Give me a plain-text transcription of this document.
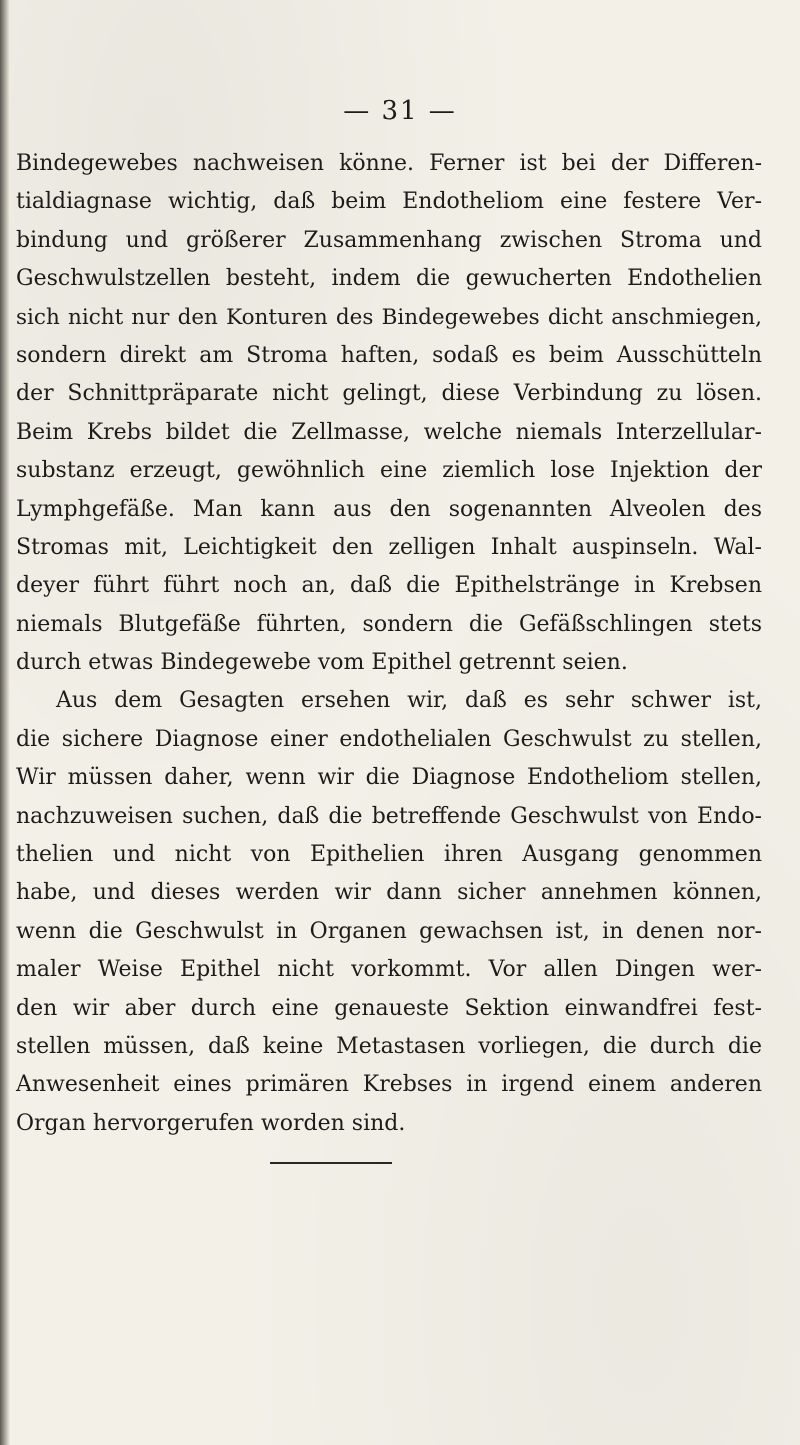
— 31 —
Bindegewebes nachweisen könne. Ferner ist bei der Differen-
tialdiagnase wichtig, daß beim Endotheliom eine festere Ver-
bindung und größerer Zusammenhang zwischen Stroma und
Geschwulstzellen besteht, indem die gewucherten Endothelien
sich nicht nur den Konturen des Bindegewebes dicht anschmiegen,
sondern direkt am Stroma haften, sodaß es beim Ausschütteln
der Schnittpräparate nicht gelingt, diese Verbindung zu lösen.
Beim Krebs bildet die Zellmasse, welche niemals Interzellular-
substanz erzeugt, gewöhnlich eine ziemlich lose Injektion der
Lymphgefäße. Man kann aus den sogenannten Alveolen des
Stromas mit, Leichtigkeit den zelligen Inhalt auspinseln. Wal-
deyer führt führt noch an, daß die Epithelstränge in Krebsen
niemals Blutgefäße führten, sondern die Gefäßschlingen stets
durch etwas Bindegewebe vom Epithel getrennt seien.
Aus dem Gesagten ersehen wir, daß es sehr schwer ist,
die sichere Diagnose einer endothelialen Geschwulst zu stellen,
Wir müssen daher, wenn wir die Diagnose Endotheliom stellen,
nachzuweisen suchen, daß die betreffende Geschwulst von Endo-
thelien und nicht von Epithelien ihren Ausgang genommen
habe, und dieses werden wir dann sicher annehmen können,
wenn die Geschwulst in Organen gewachsen ist, in denen nor-
maler Weise Epithel nicht vorkommt. Vor allen Dingen wer-
den wir aber durch eine genaueste Sektion einwandfrei fest-
stellen müssen, daß keine Metastasen vorliegen, die durch die
Anwesenheit eines primären Krebses in irgend einem anderen
Organ hervorgerufen worden sind.
